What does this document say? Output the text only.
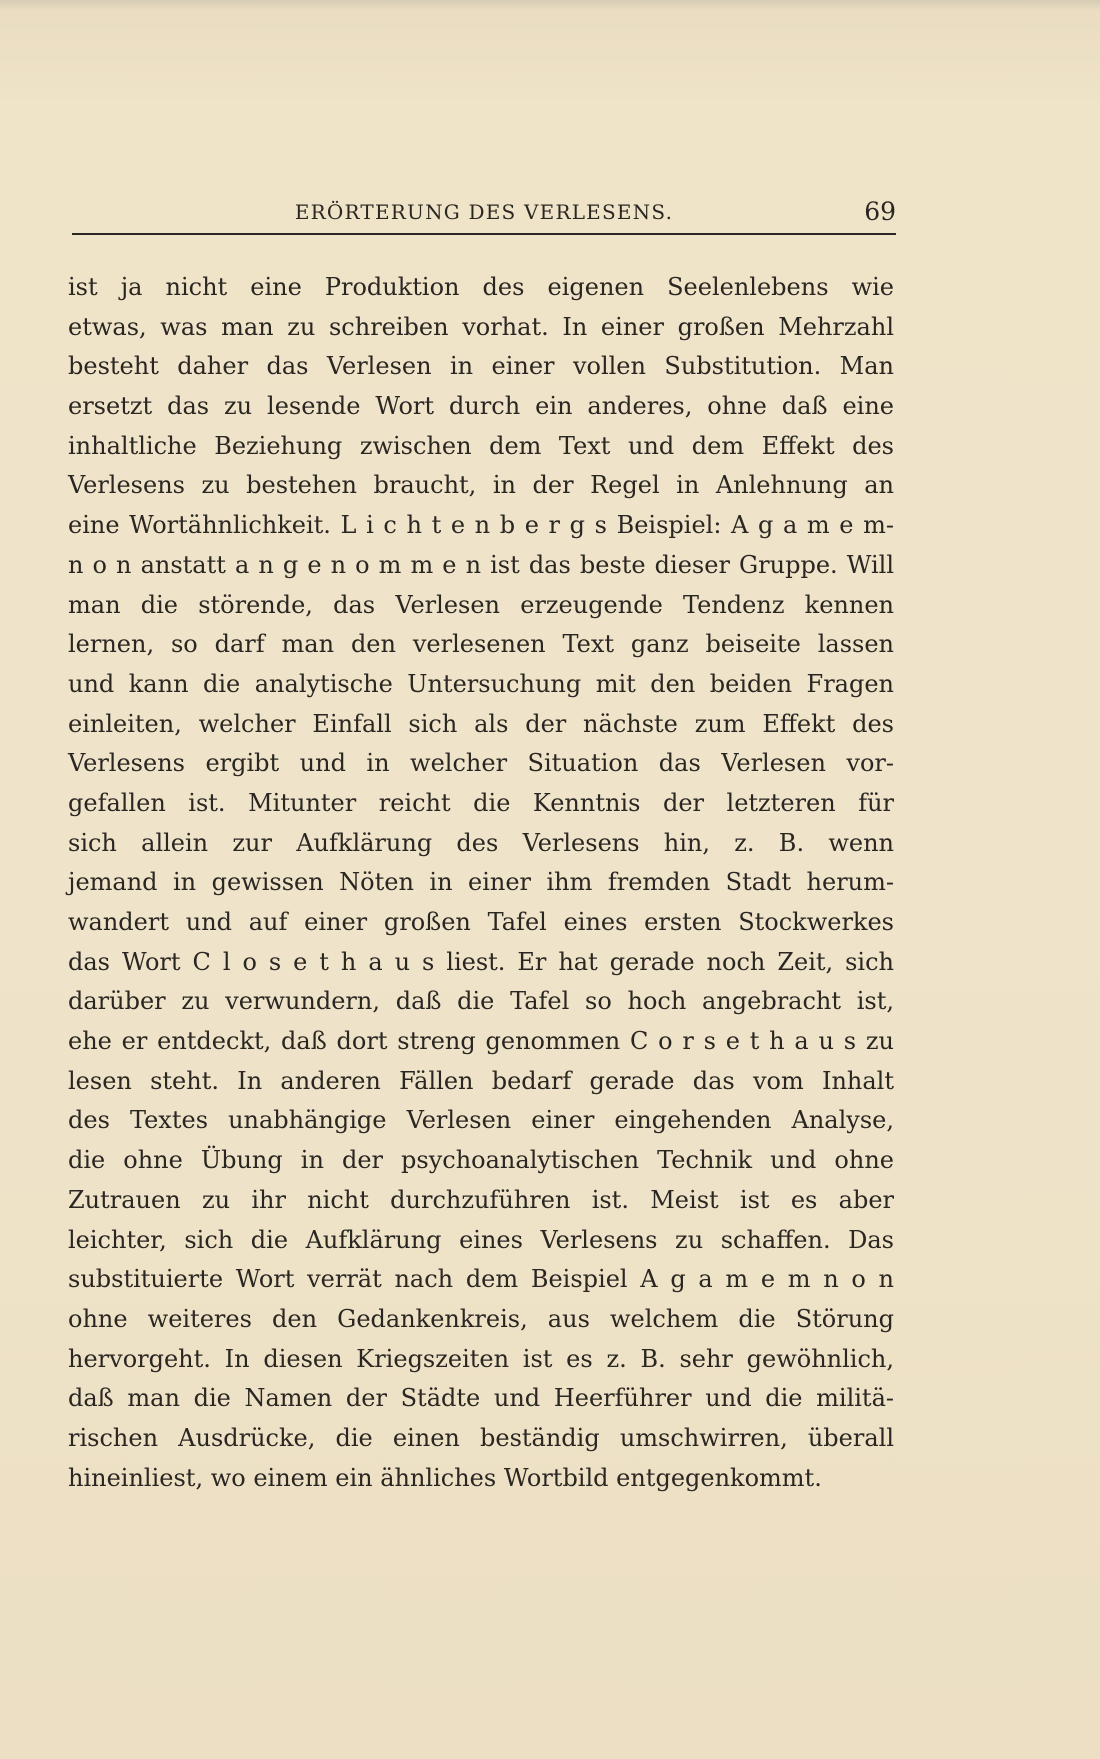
ERÖRTERUNG DES VERLESENS.	69
ist ja nicht eine Produktion des eigenen Seelenlebens wie
etwas, was man zu schreiben vorhat. In einer großen Mehrzahl
besteht daher das Verlesen in einer vollen Substitution. Man
ersetzt das zu lesende Wort durch ein anderes, ohne daß eine
inhaltliche Beziehung zwischen dem Text und dem Effekt des
Verlesens zu bestehen braucht, in der Regel in Anlehnung an
eine Wortähnlichkeit. L i c h t e n b e r g s Beispiel: A g a m e m-
n o n anstatt a n g e n o m m e n ist das beste dieser Gruppe. Will
man die störende, das Verlesen erzeugende Tendenz kennen
lernen, so darf man den verlesenen Text ganz beiseite lassen
und kann die analytische Untersuchung mit den beiden Fragen
einleiten, welcher Einfall sich als der nächste zum Effekt des
Verlesens ergibt und in welcher Situation das Verlesen vor-
gefallen ist. Mitunter reicht die Kenntnis der letzteren für
sich allein zur Aufklärung des Verlesens hin, z. B. wenn
jemand in gewissen Nöten in einer ihm fremden Stadt herum-
wandert und auf einer großen Tafel eines ersten Stockwerkes
das Wort C l o s e t h a u s liest. Er hat gerade noch Zeit, sich
darüber zu verwundern, daß die Tafel so hoch angebracht ist,
ehe er entdeckt, daß dort streng genommen C o r s e t h a u s zu
lesen steht. In anderen Fällen bedarf gerade das vom Inhalt
des Textes unabhängige Verlesen einer eingehenden Analyse,
die ohne Übung in der psychoanalytischen Technik und ohne
Zutrauen zu ihr nicht durchzuführen ist. Meist ist es aber
leichter, sich die Aufklärung eines Verlesens zu schaffen. Das
substituierte Wort verrät nach dem Beispiel A g a m e m n o n
ohne weiteres den Gedankenkreis, aus welchem die Störung
hervorgeht. In diesen Kriegszeiten ist es z. B. sehr gewöhnlich,
daß man die Namen der Städte und Heerführer und die militä-
rischen Ausdrücke, die einen beständig umschwirren, überall
hineinliest, wo einem ein ähnliches Wortbild entgegenkommt.
